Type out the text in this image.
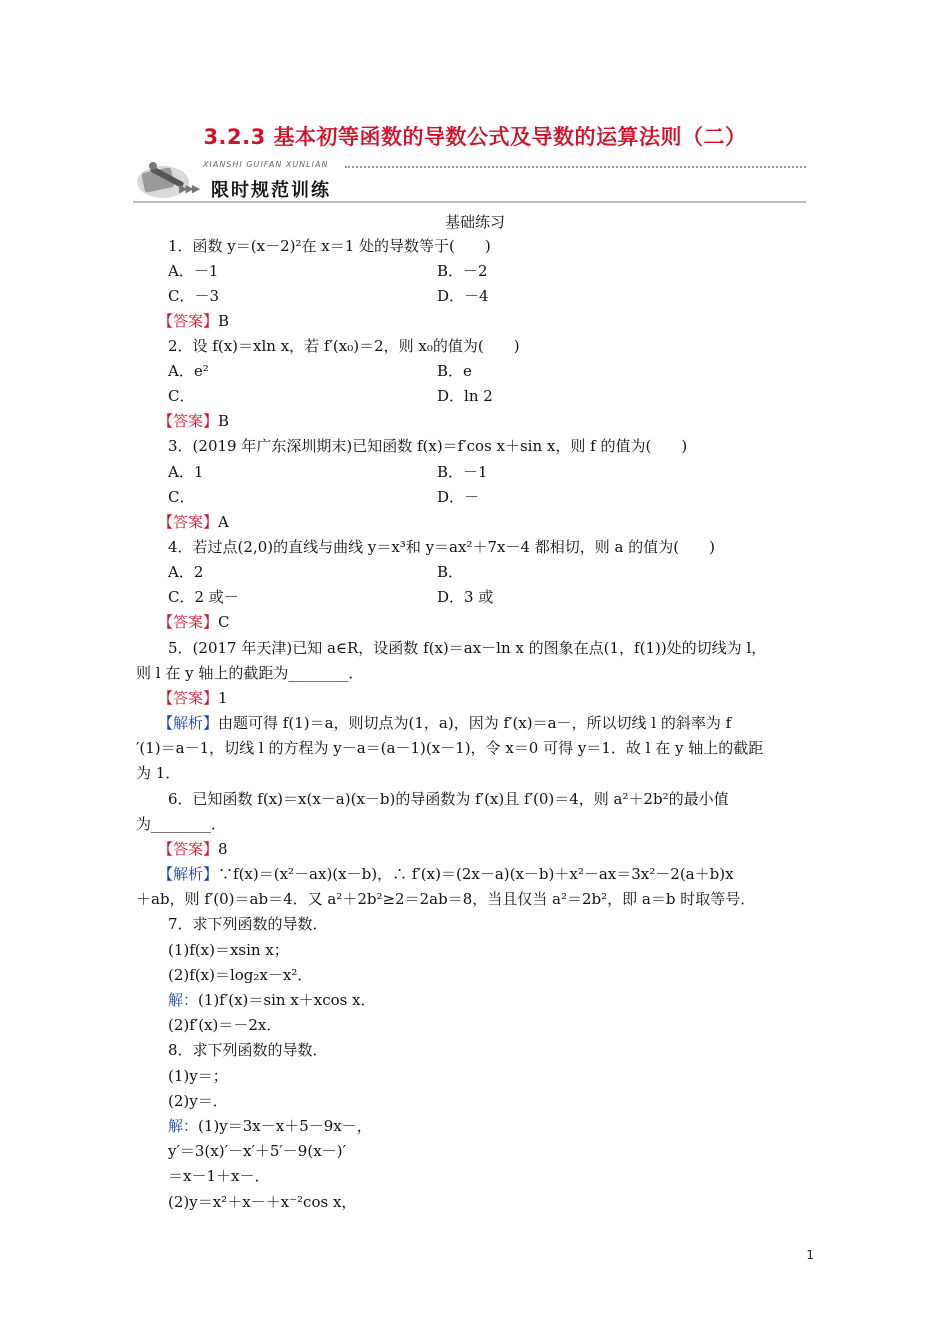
3.2.3 基本初等函数的导数公式及导数的运算法则（二）
XIANSHI GUIFAN XUNLIAN
▶▶▶ 限时规范训练
基础练习
1．函数 y＝(x－2)²在 x＝1 处的导数等于(　　)
A．－1	B．－2
C．－3	D．－4
【答案】B
2．设 f(x)＝xln x，若 f′(x₀)＝2，则 x₀的值为(　　)
A．e²	B．e
C．	D．ln 2
【答案】B
3．(2019 年广东深圳期末)已知函数 f(x)＝f′cos x＋sin x，则 f 的值为(　　)
A．1	B．－1
C．	D．－
【答案】A
4．若过点(2,0)的直线与曲线 y＝x³和 y＝ax²＋7x－4 都相切，则 a 的值为(　　)
A．2	B．
C．2 或－	D．3 或
【答案】C
5．(2017 年天津)已知 a∈R，设函数 f(x)＝ax－ln x 的图象在点(1，f(1))处的切线为 l，
则 l 在 y 轴上的截距为________．
【答案】1
【解析】由题可得 f(1)＝a，则切点为(1，a)，因为 f′(x)＝a－，所以切线 l 的斜率为 f
′(1)＝a－1，切线 l 的方程为 y－a＝(a－1)(x－1)，令 x＝0 可得 y＝1．故 l 在 y 轴上的截距
为 1．
6．已知函数 f(x)＝x(x－a)(x－b)的导函数为 f′(x)且 f′(0)＝4，则 a²＋2b²的最小值
为________．
【答案】8
【解析】∵f(x)＝(x²－ax)(x－b)，∴ f′(x)＝(2x－a)(x－b)＋x²－ax＝3x²－2(a＋b)x
＋ab，则 f′(0)＝ab＝4．又 a²＋2b²≥2＝2ab＝8，当且仅当 a²＝2b²，即 a＝b 时取等号．
7．求下列函数的导数．
(1)f(x)＝xsin x；
(2)f(x)＝log₂x－x²．
解：(1)f′(x)＝sin x＋xcos x．
(2)f′(x)＝－2x．
8．求下列函数的导数．
(1)y＝；
(2)y＝．
解：(1)y＝3x－x＋5－9x－，
y′＝3(x)′－x′＋5′－9(x－)′
＝x－1＋x－．
(2)y＝x²＋x－＋x⁻²cos x，
1
